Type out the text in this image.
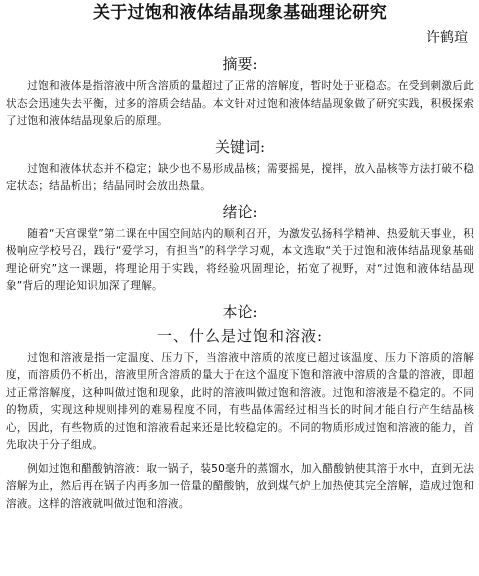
关于过饱和液体结晶现象基础理论研究
许鹤瑄
摘要:

过饱和液体是指溶液中所含溶质的量超过了正常的溶解度，暂时处于亚稳态。在受到刺激后此状态会迅速失去平衡，过多的溶质会结晶。本文针对过饱和液体结晶现象做了研究实践，积极探索了过饱和液体结晶现象后的原理。

关键词:

过饱和液体状态并不稳定；缺少也不易形成晶核；需要摇晃，搅拌，放入晶核等方法打破不稳定状态；结晶析出；结晶同时会放出热量。

绪论:

随着“天宫课堂”第二课在中国空间站内的顺利召开，为激发弘扬科学精神、热爱航天事业，积极响应学校号召，践行“爱学习，有担当”的科学学习观，本文选取“关于过饱和液体结晶现象基础理论研究”这一课题，将理论用于实践，将经验巩固理论，拓宽了视野，对“过饱和液体结晶现象”背后的理论知识加深了理解。

本论:
一、什么是过饱和溶液:

过饱和溶液是指一定温度、压力下，当溶液中溶质的浓度已超过该温度、压力下溶质的溶解度，而溶质仍不析出，溶液里所含溶质的量大于在这个温度下饱和溶液中溶质的含量的溶液，即超过正常溶解度，这种叫做过饱和现象，此时的溶液叫做过饱和溶液。过饱和溶液是不稳定的。不同的物质，实现这种规则排列的难易程度不同，有些晶体需经过相当长的时间才能自行产生结晶核心，因此，有些物质的过饱和溶液看起来还是比较稳定的。不同的物质形成过饱和溶液的能力，首先取决于分子组成。

例如过饱和醋酸钠溶液：取一锅子，装50毫升的蒸馏水，加入醋酸钠使其溶于水中，直到无法溶解为止，然后再在锅子内再多加一倍量的醋酸钠，放到煤气炉上加热使其完全溶解，造成过饱和溶液。这样的溶液就叫做过饱和溶液。
